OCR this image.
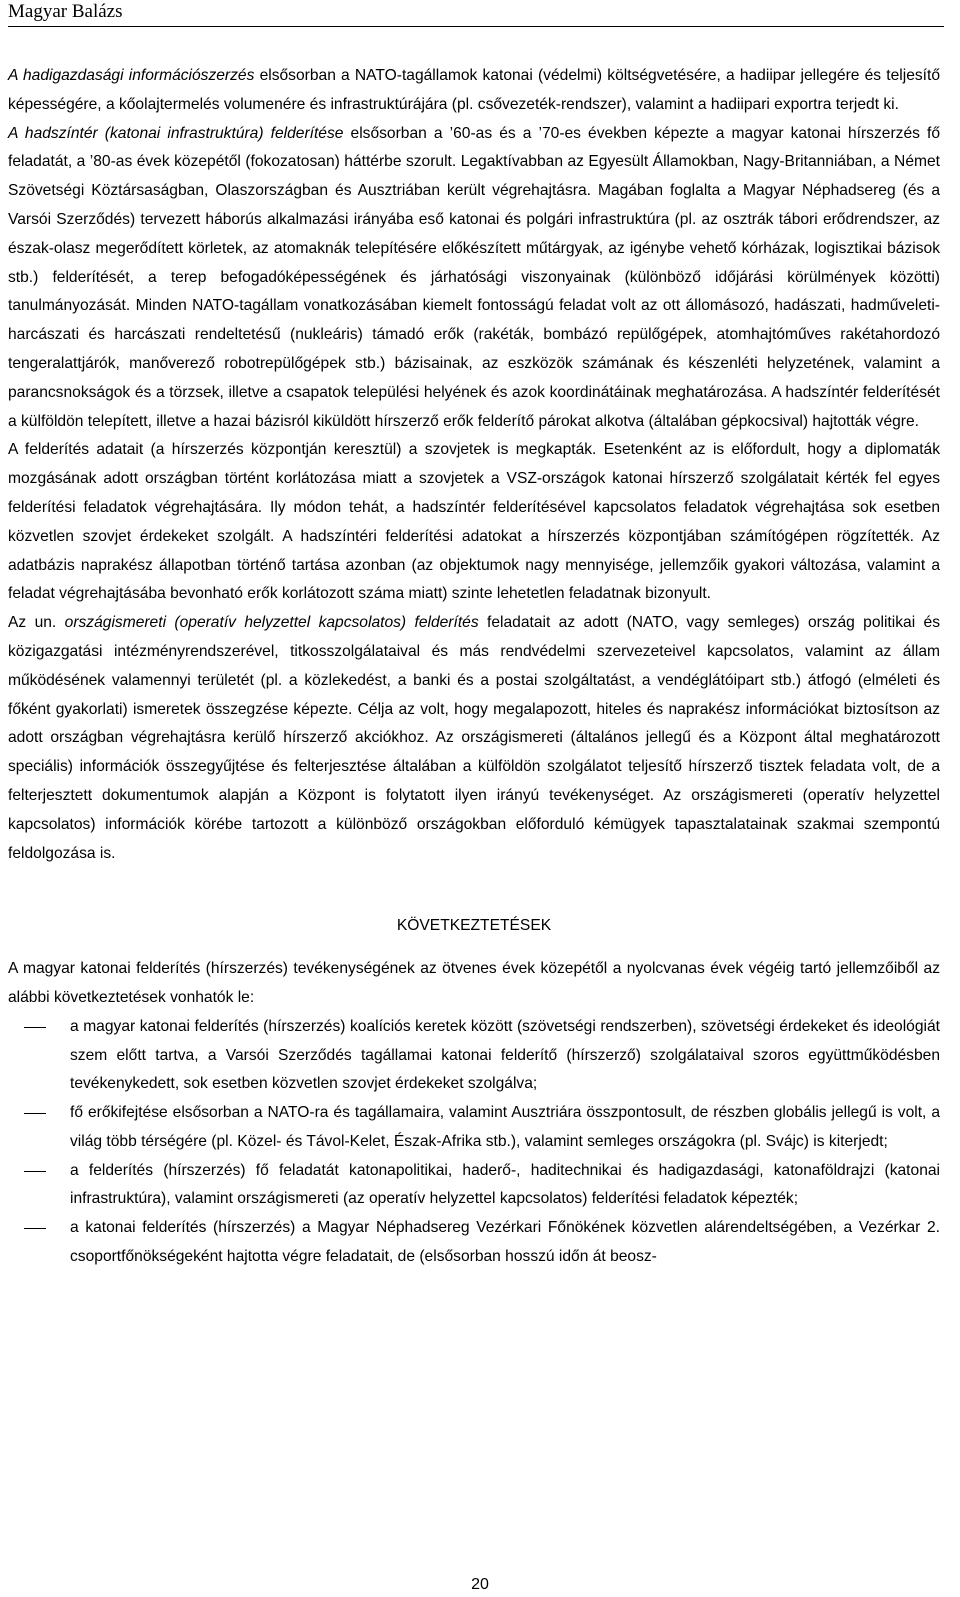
Magyar Balázs

A hadigazdasági információszerzés elsősorban a NATO-tagállamok katonai (védelmi) költségvetésére, a hadiipar jellegére és teljesítő képességére, a kőolajtermelés volumenére és infrastruktúrájára (pl. csővezeték-rendszer), valamint a hadiipari exportra terjedt ki.

A hadszíntér (katonai infrastruktúra) felderítése elsősorban a ’60-as és a ’70-es években képezte a magyar katonai hírszerzés fő feladatát, a ’80-as évek közepétől (fokozatosan) háttérbe szorult. Legaktívabban az Egyesült Államokban, Nagy-Britanniában, a Német Szövetségi Köztársaságban, Olaszországban és Ausztriában került végrehajtásra. Magában foglalta a Magyar Néphadsereg (és a Varsói Szerződés) tervezett háborús alkalmazási irányába eső katonai és polgári infrastruktúra (pl. az osztrák tábori erődrendszer, az észak-olasz megerődített körletek, az atomaknák telepítésére előkészített műtárgyak, az igénybe vehető kórházak, logisztikai bázisok stb.) felderítését, a terep befogadóképességének és járhatósági viszonyainak (különböző időjárási körülmények közötti) tanulmányozását. Minden NATO-tagállam vonatkozásában kiemelt fontosságú feladat volt az ott állomásozó, hadászati, hadműveleti-harcászati és harcászati rendeltetésű (nukleáris) támadó erők (rakéták, bombázó repülőgépek, atomhajtóműves rakétahordozó tengeralattjárók, manőverező robotrepülőgépek stb.) bázisainak, az eszközök számának és készenléti helyzetének, valamint a parancsnokságok és a törzsek, illetve a csapatok települési helyének és azok koordinátáinak meghatározása. A hadszíntér felderítését a külföldön telepített, illetve a hazai bázisról kiküldött hírszerző erők felderítő párokat alkotva (általában gépkocsival) hajtották végre.

A felderítés adatait (a hírszerzés központján keresztül) a szovjetek is megkapták. Esetenként az is előfordult, hogy a diplomaták mozgásának adott országban történt korlátozása miatt a szovjetek a VSZ-országok katonai hírszerző szolgálatait kérték fel egyes felderítési feladatok végrehajtására. Ily módon tehát, a hadszíntér felderítésével kapcsolatos feladatok végrehajtása sok esetben közvetlen szovjet érdekeket szolgált. A hadszíntéri felderítési adatokat a hírszerzés központjában számítógépen rögzítették. Az adatbázis naprakész állapotban történő tartása azonban (az objektumok nagy mennyisége, jellemzőik gyakori változása, valamint a feladat végrehajtásába bevonható erők korlátozott száma miatt) szinte lehetetlen feladatnak bizonyult.

Az un. országismereti (operatív helyzettel kapcsolatos) felderítés feladatait az adott (NATO, vagy semleges) ország politikai és közigazgatási intézményrendszerével, titkosszolgálataival és más rendvédelmi szervezeteivel kapcsolatos, valamint az állam működésének valamennyi területét (pl. a közlekedést, a banki és a postai szolgáltatást, a vendéglátóipart stb.) átfogó (elméleti és főként gyakorlati) ismeretek összegzése képezte. Célja az volt, hogy megalapozott, hiteles és naprakész információkat biztosítson az adott országban végrehajtásra kerülő hírszerző akciókhoz. Az országismereti (általános jellegű és a Központ által meghatározott speciális) információk összegyűjtése és felterjesztése általában a külföldön szolgálatot teljesítő hírszerző tisztek feladata volt, de a felterjesztett dokumentumok alapján a Központ is folytatott ilyen irányú tevékenységet. Az országismereti (operatív helyzettel kapcsolatos) információk körébe tartozott a különböző országokban előforduló kémügyek tapasztalatainak szakmai szempontú feldolgozása is.

KÖVETKEZTETÉSEK

A magyar katonai felderítés (hírszerzés) tevékenységének az ötvenes évek közepétől a nyolcvanas évek végéig tartó jellemzőiből az alábbi következtetések vonhatók le:

a magyar katonai felderítés (hírszerzés) koalíciós keretek között (szövetségi rendszerben), szövetségi érdekeket és ideológiát szem előtt tartva, a Varsói Szerződés tagállamai katonai felderítő (hírszerző) szolgálataival szoros együttműködésben tevékenykedett, sok esetben közvetlen szovjet érdekeket szolgálva;
fő erőkifejtése elsősorban a NATO-ra és tagállamaira, valamint Ausztriára összpontosult, de részben globális jellegű is volt, a világ több térségére (pl. Közel- és Távol-Kelet, Észak-Afrika stb.), valamint semleges országokra (pl. Svájc) is kiterjedt;
a felderítés (hírszerzés) fő feladatát katonapolitikai, haderő-, haditechnikai és hadigazdasági, katonaföldrajzi (katonai infrastruktúra), valamint országismereti (az operatív helyzettel kapcsolatos) felderítési feladatok képezték;
a katonai felderítés (hírszerzés) a Magyar Néphadsereg Vezérkari Főnökének közvetlen alárendeltségében, a Vezérkar 2. csoportfőnökségeként hajtotta végre feladatait, de (elsősorban hosszú időn át beosz-
20
